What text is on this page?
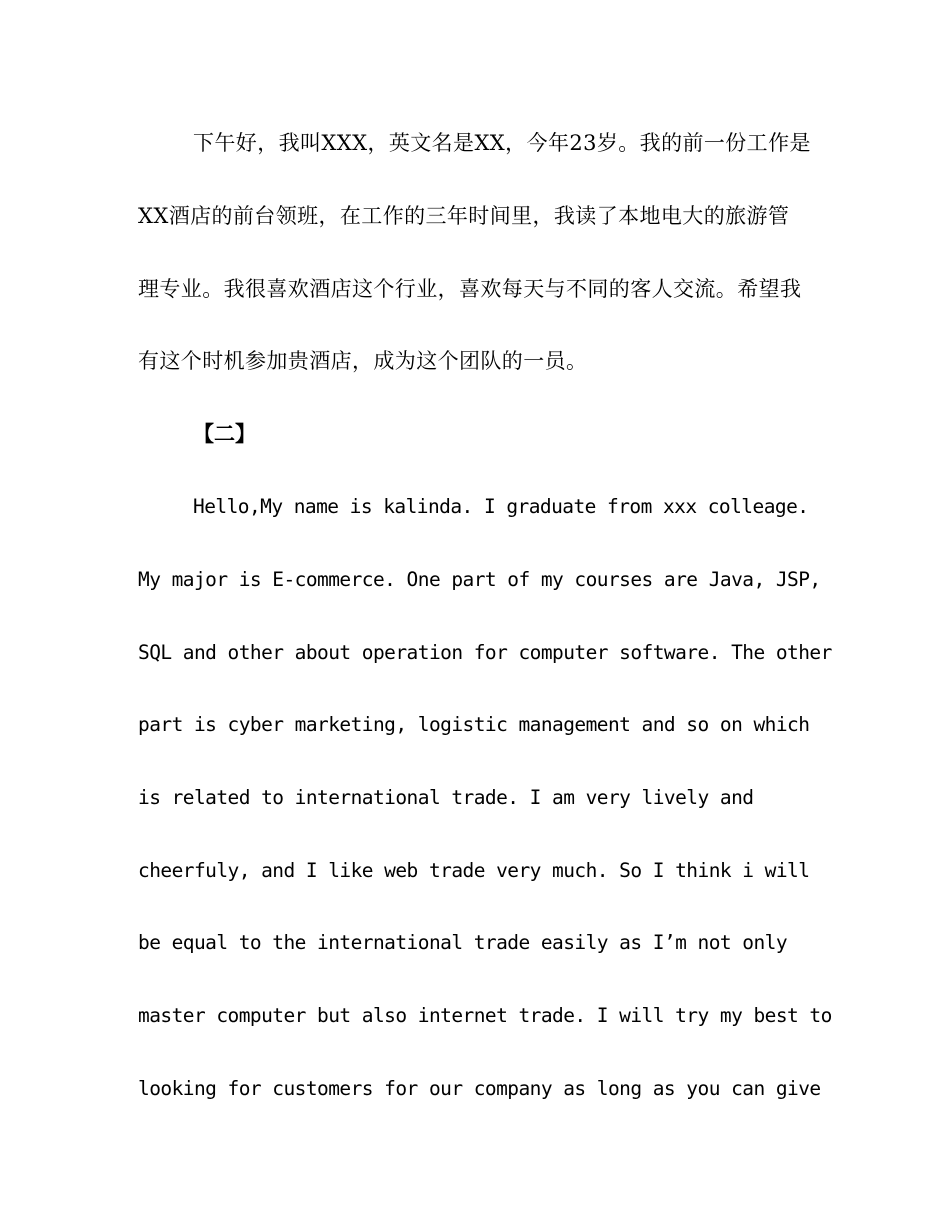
下午好，我叫XXX，英文名是XX，今年23岁。我的前一份工作是
XX酒店的前台领班，在工作的三年时间里，我读了本地电大的旅游管
理专业。我很喜欢酒店这个行业，喜欢每天与不同的客人交流。希望我
有这个时机参加贵酒店，成为这个团队的一员。
【二】
Hello,My name is kalinda. I graduate from xxx colleage.
My major is E-commerce. One part of my courses are Java, JSP,
SQL and other about operation for computer software. The other
part is cyber marketing, logistic management and so on which
is related to international trade. I am very lively and
cheerfuly, and I like web trade very much. So I think i will
be equal to the international trade easily as I’m not only
master computer but also internet trade. I will try my best to
looking for customers for our company as long as you can give
